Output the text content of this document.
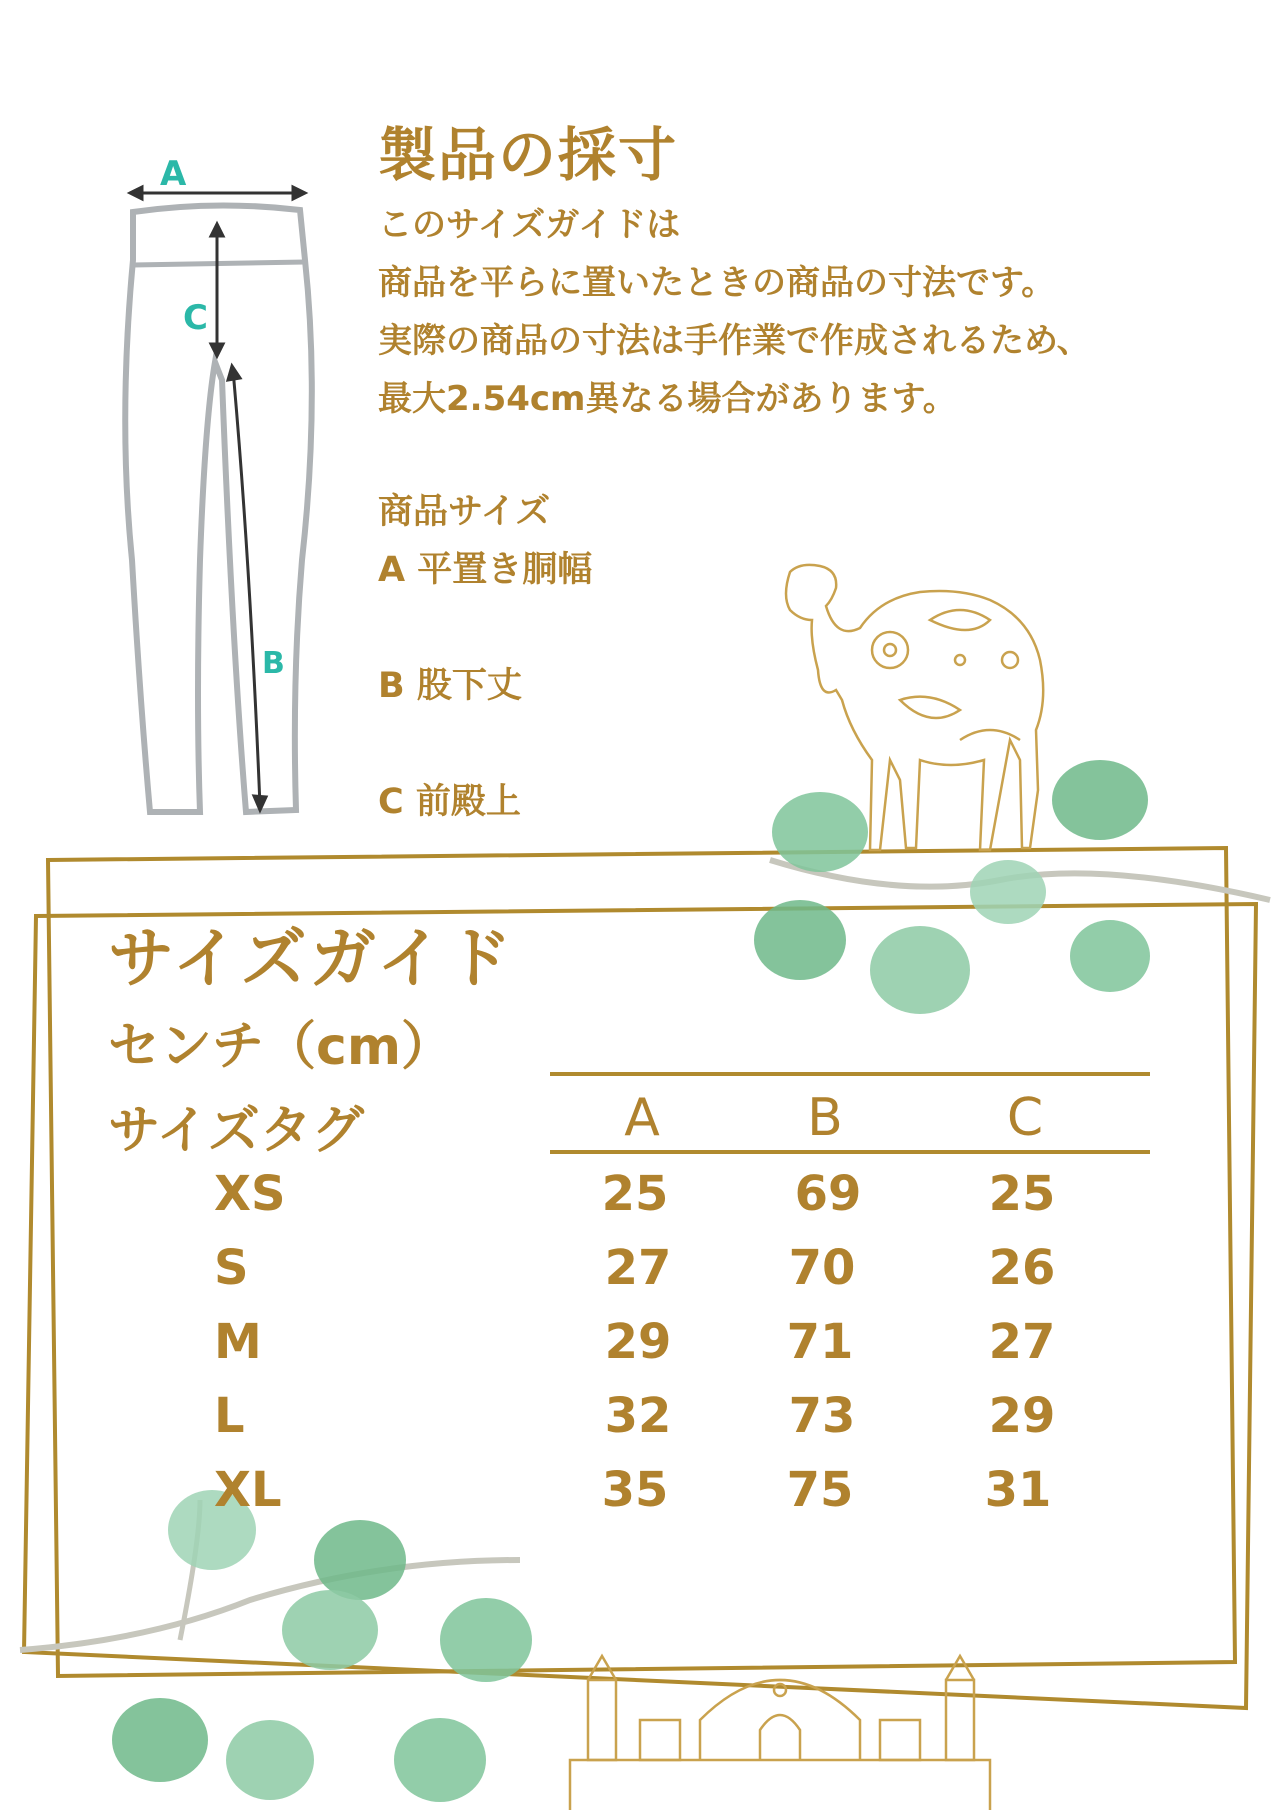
A
C
B
製品の採寸
このサイズガイドは
商品を平らに置いたときの商品の寸法です。
実際の商品の寸法は手作業で作成されるため、
最大2.54cm異なる場合があります。
商品サイズ
A 平置き胴幅
B 股下丈
C 前殿上
サイズガイド
センチ（cm）
サイズタグ	A	B	C
XS	25	69	25
S	27	70	26
M	29	71	27
L	32	73	29
XL	35	75	31
